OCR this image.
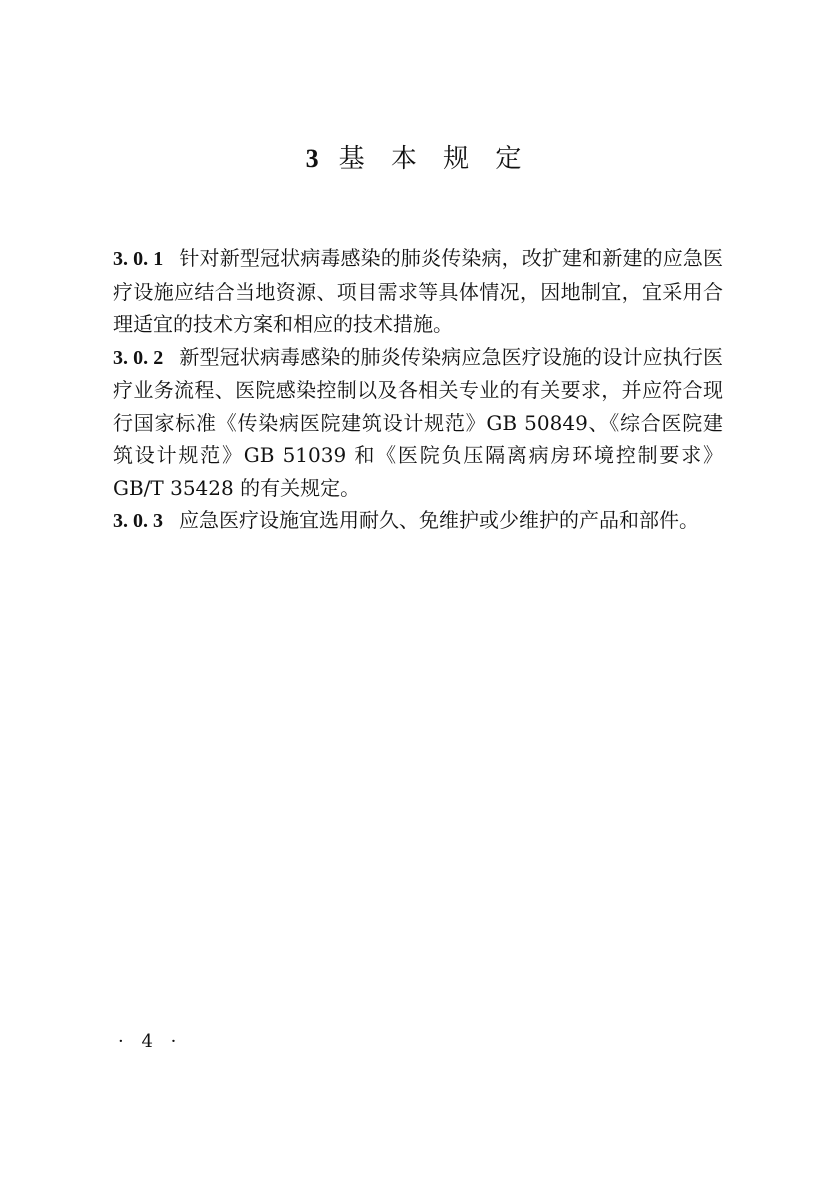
3 基 本 规 定

3. 0. 1 针对新型冠状病毒感染的肺炎传染病，改扩建和新建的应急医疗设施应结合当地资源、项目需求等具体情况，因地制宜，宜采用合理适宜的技术方案和相应的技术措施。

3. 0. 2 新型冠状病毒感染的肺炎传染病应急医疗设施的设计应执行医疗业务流程、医院感染控制以及各相关专业的有关要求，并应符合现行国家标准《传染病医院建筑设计规范》GB 50849、《综合医院建筑设计规范》GB 51039 和《医院负压隔离病房环境控制要求》GB/T 35428 的有关规定。

3. 0. 3 应急医疗设施宜选用耐久、免维护或少维护的产品和部件。

· 4 ·
